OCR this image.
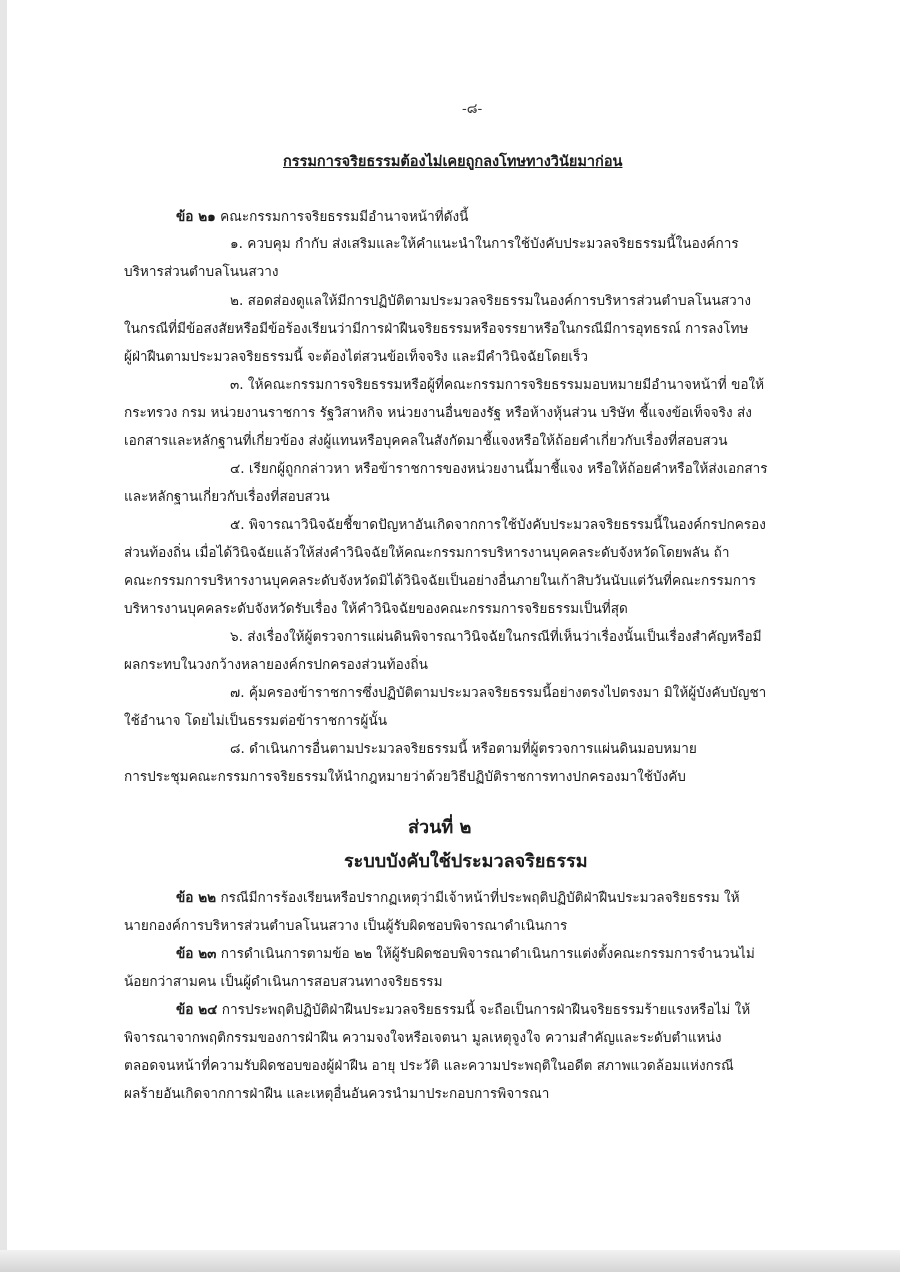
-๘-
กรรมการจริยธรรมต้องไม่เคยถูกลงโทษทางวินัยมาก่อน
ข้อ ๒๑ คณะกรรมการจริยธรรมมีอำนาจหน้าที่ดังนี้
๑. ควบคุม กำกับ ส่งเสริมและให้คำแนะนำในการใช้บังคับประมวลจริยธรรมนี้ในองค์การ
บริหารส่วนตำบลโนนสวาง
๒. สอดส่องดูแลให้มีการปฏิบัติตามประมวลจริยธรรมในองค์การบริหารส่วนตำบลโนนสวาง
ในกรณีที่มีข้อสงสัยหรือมีข้อร้องเรียนว่ามีการฝ่าฝืนจริยธรรมหรือจรรยาหรือในกรณีมีการอุทธรณ์ การลงโทษ
ผู้ฝ่าฝืนตามประมวลจริยธรรมนี้ จะต้องไต่สวนข้อเท็จจริง และมีคำวินิจฉัยโดยเร็ว
๓. ให้คณะกรรมการจริยธรรมหรือผู้ที่คณะกรรมการจริยธรรมมอบหมายมีอำนาจหน้าที่ ขอให้
กระทรวง กรม หน่วยงานราชการ รัฐวิสาหกิจ หน่วยงานอื่นของรัฐ หรือห้างหุ้นส่วน บริษัท ชี้แจงข้อเท็จจริง ส่ง
เอกสารและหลักฐานที่เกี่ยวข้อง ส่งผู้แทนหรือบุคคลในสังกัดมาชี้แจงหรือให้ถ้อยคำเกี่ยวกับเรื่องที่สอบสวน
๔. เรียกผู้ถูกกล่าวหา หรือข้าราชการของหน่วยงานนี้มาชี้แจง หรือให้ถ้อยคำหรือให้ส่งเอกสาร
และหลักฐานเกี่ยวกับเรื่องที่สอบสวน
๕. พิจารณาวินิจฉัยชี้ขาดปัญหาอันเกิดจากการใช้บังคับประมวลจริยธรรมนี้ในองค์กรปกครอง
ส่วนท้องถิ่น เมื่อได้วินิจฉัยแล้วให้ส่งคำวินิจฉัยให้คณะกรรมการบริหารงานบุคคลระดับจังหวัดโดยพลัน ถ้า
คณะกรรมการบริหารงานบุคคลระดับจังหวัดมิได้วินิจฉัยเป็นอย่างอื่นภายในเก้าสิบวันนับแต่วันที่คณะกรรมการ
บริหารงานบุคคลระดับจังหวัดรับเรื่อง ให้คำวินิจฉัยของคณะกรรมการจริยธรรมเป็นที่สุด
๖. ส่งเรื่องให้ผู้ตรวจการแผ่นดินพิจารณาวินิจฉัยในกรณีที่เห็นว่าเรื่องนั้นเป็นเรื่องสำคัญหรือมี
ผลกระทบในวงกว้างหลายองค์กรปกครองส่วนท้องถิ่น
๗. คุ้มครองข้าราชการซึ่งปฏิบัติตามประมวลจริยธรรมนี้อย่างตรงไปตรงมา มิให้ผู้บังคับบัญชา
ใช้อำนาจ โดยไม่เป็นธรรมต่อข้าราชการผู้นั้น
๘. ดำเนินการอื่นตามประมวลจริยธรรมนี้ หรือตามที่ผู้ตรวจการแผ่นดินมอบหมาย
การประชุมคณะกรรมการจริยธรรมให้นำกฎหมายว่าด้วยวิธีปฏิบัติราชการทางปกครองมาใช้บังคับ
ส่วนที่ ๒
ระบบบังคับใช้ประมวลจริยธรรม
ข้อ ๒๒ กรณีมีการร้องเรียนหรือปรากฏเหตุว่ามีเจ้าหน้าที่ประพฤติปฏิบัติฝ่าฝืนประมวลจริยธรรม ให้
นายกองค์การบริหารส่วนตำบลโนนสวาง เป็นผู้รับผิดชอบพิจารณาดำเนินการ
ข้อ ๒๓ การดำเนินการตามข้อ ๒๒ ให้ผู้รับผิดชอบพิจารณาดำเนินการแต่งตั้งคณะกรรมการจำนวนไม่
น้อยกว่าสามคน เป็นผู้ดำเนินการสอบสวนทางจริยธรรม
ข้อ ๒๔ การประพฤติปฏิบัติฝ่าฝืนประมวลจริยธรรมนี้ จะถือเป็นการฝ่าฝืนจริยธรรมร้ายแรงหรือไม่ ให้
พิจารณาจากพฤติกรรมของการฝ่าฝืน ความจงใจหรือเจตนา มูลเหตุจูงใจ ความสำคัญและระดับตำแหน่ง
ตลอดจนหน้าที่ความรับผิดชอบของผู้ฝ่าฝืน อายุ ประวัติ และความประพฤติในอดีต สภาพแวดล้อมแห่งกรณี
ผลร้ายอันเกิดจากการฝ่าฝืน และเหตุอื่นอันควรนำมาประกอบการพิจารณา
